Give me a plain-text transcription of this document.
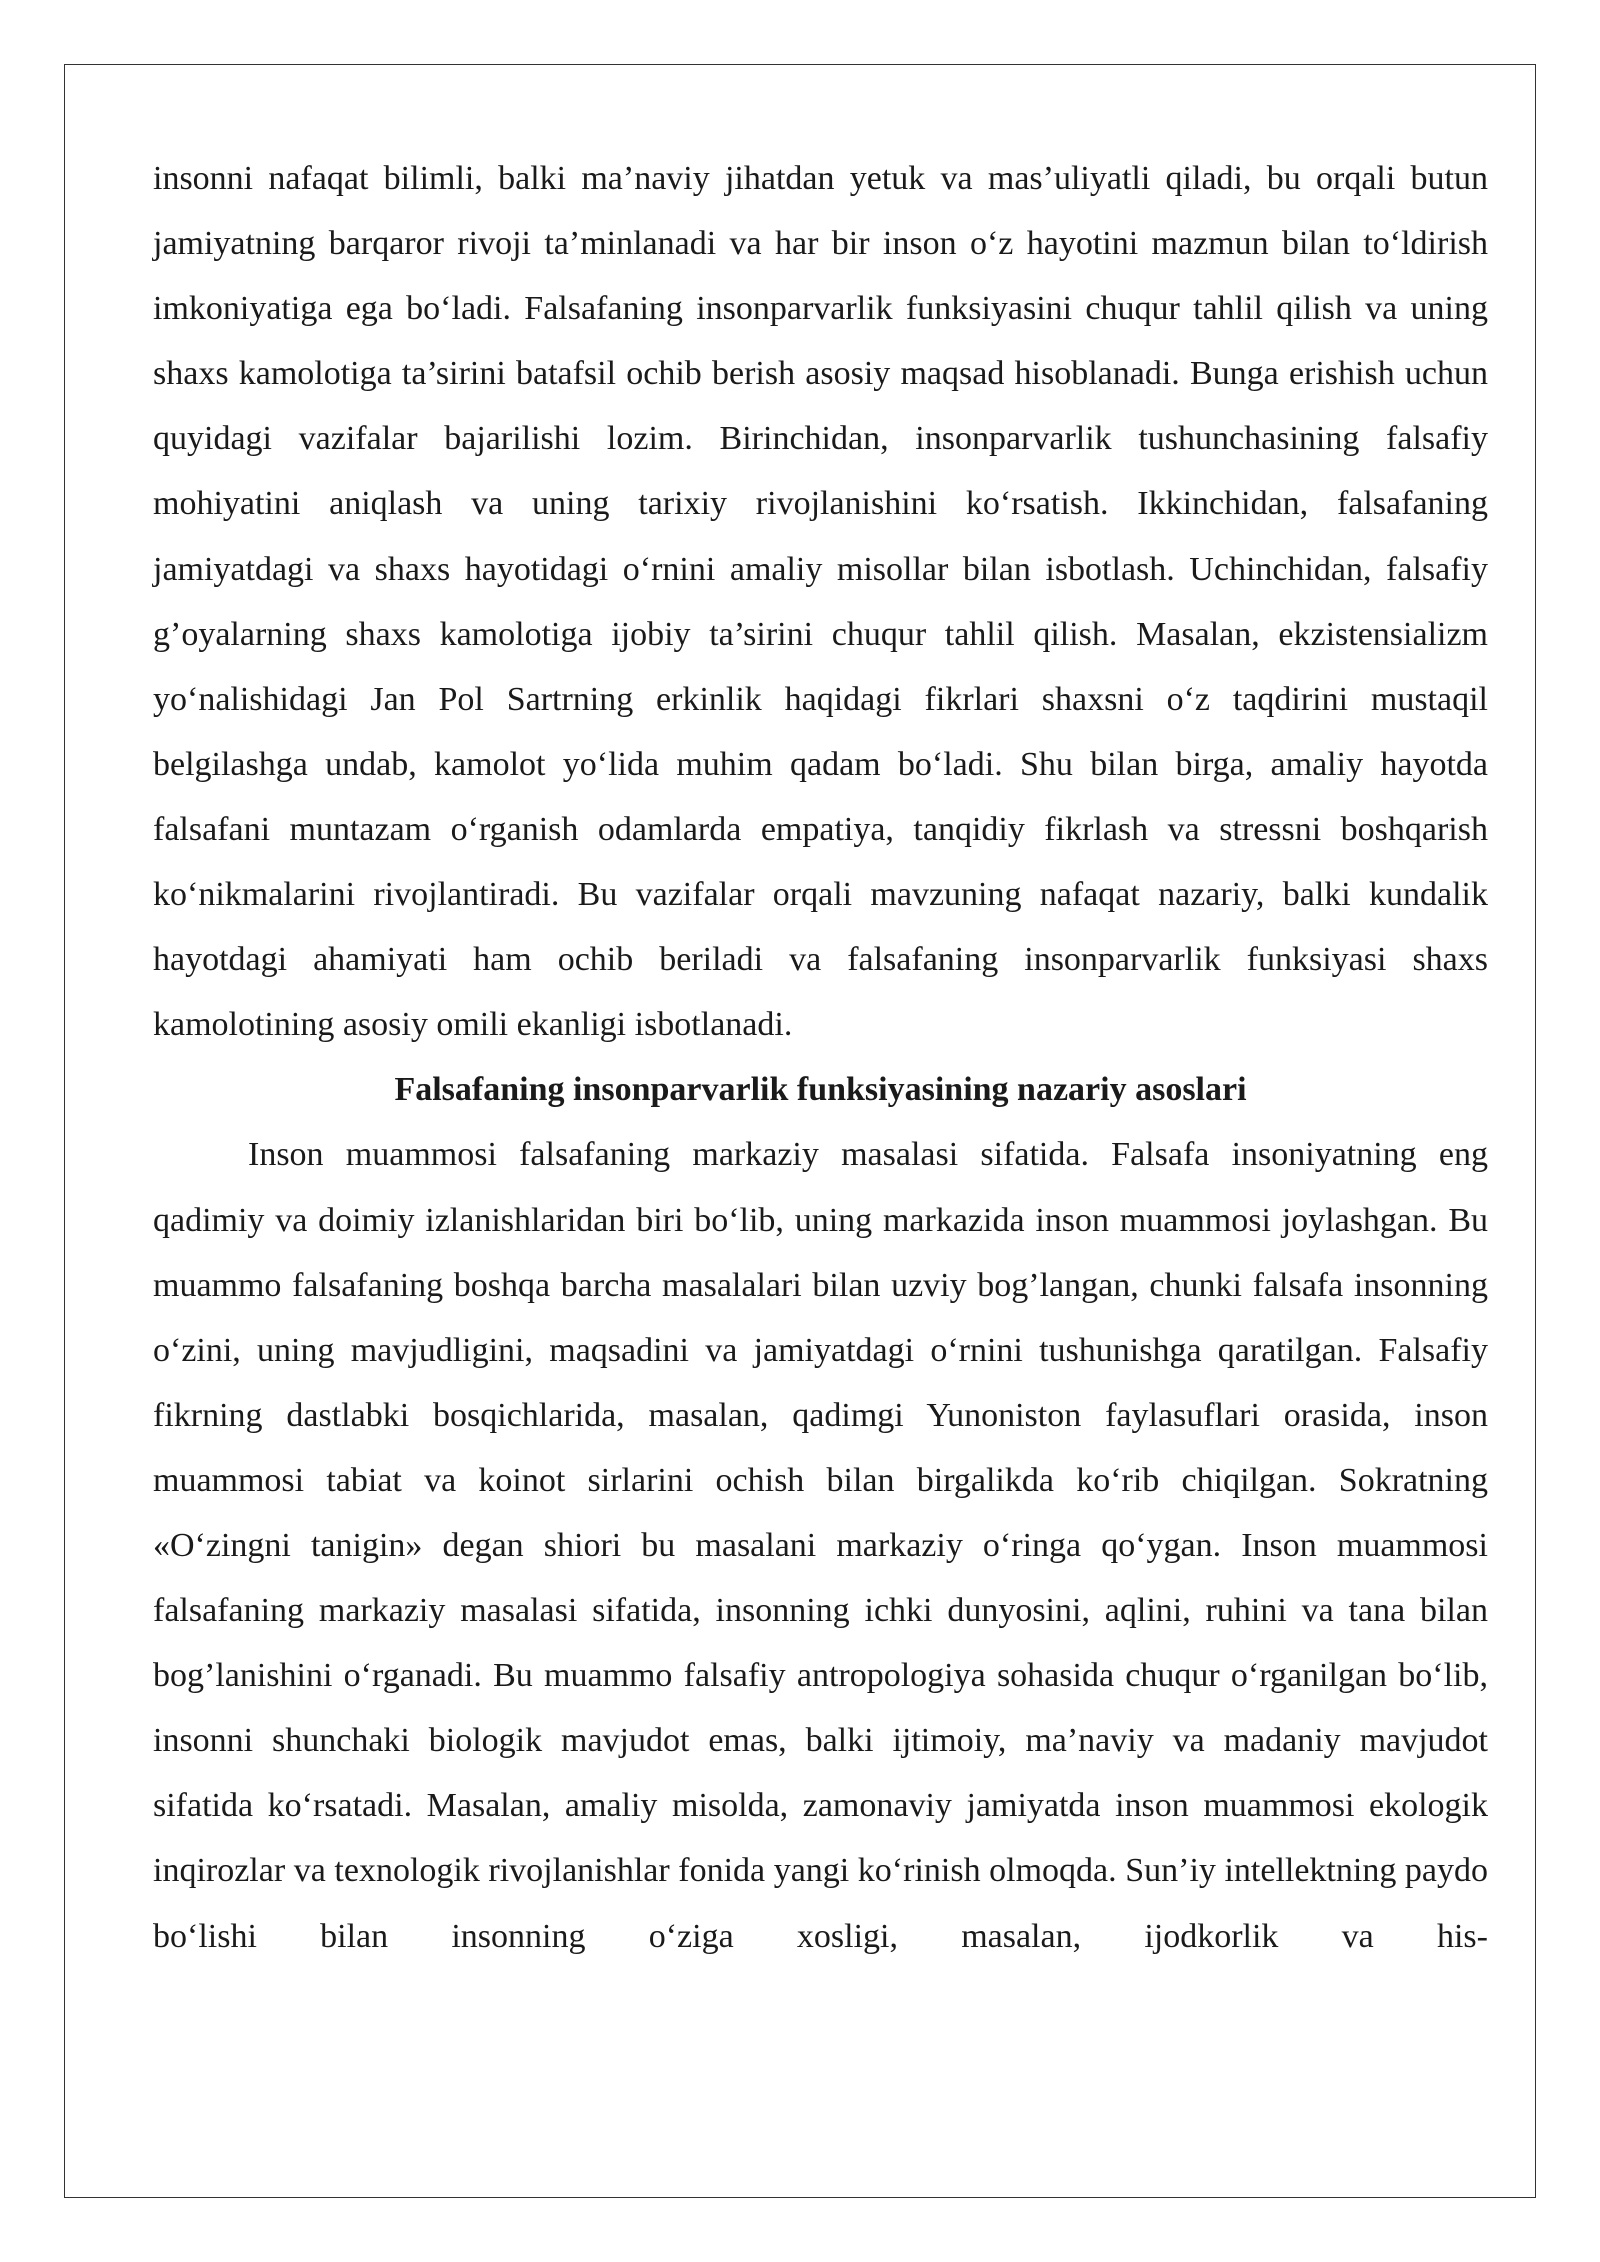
insonni nafaqat bilimli, balki ma’naviy jihatdan yetuk va mas’uliyatli qiladi, bu orqali butun jamiyatning barqaror rivoji ta’minlanadi va har bir inson o‘z hayotini mazmun bilan to‘ldirish imkoniyatiga ega bo‘ladi. Falsafaning insonparvarlik funksiyasini chuqur tahlil qilish va uning shaxs kamolotiga ta’sirini batafsil ochib berish asosiy maqsad hisoblanadi. Bunga erishish uchun quyidagi vazifalar bajarilishi lozim. Birinchidan, insonparvarlik tushunchasining falsafiy mohiyatini aniqlash va uning tarixiy rivojlanishini ko‘rsatish. Ikkinchidan, falsafaning jamiyatdagi va shaxs hayotidagi o‘rnini amaliy misollar bilan isbotlash. Uchinchidan, falsafiy g’oyalarning shaxs kamolotiga ijobiy ta’sirini chuqur tahlil qilish. Masalan, ekzistensializm yo‘nalishidagi Jan Pol Sartrning erkinlik haqidagi fikrlari shaxsni o‘z taqdirini mustaqil belgilashga undab, kamolot yo‘lida muhim qadam bo‘ladi. Shu bilan birga, amaliy hayotda falsafani muntazam o‘rganish odamlarda empatiya, tanqidiy fikrlash va stressni boshqarish ko‘nikmalarini rivojlantiradi. Bu vazifalar orqali mavzuning nafaqat nazariy, balki kundalik hayotdagi ahamiyati ham ochib beriladi va falsafaning insonparvarlik funksiyasi shaxs kamolotining asosiy omili ekanligi isbotlanadi.

Falsafaning insonparvarlik funksiyasining nazariy asoslari

Inson muammosi falsafaning markaziy masalasi sifatida. Falsafa insoniyatning eng qadimiy va doimiy izlanishlaridan biri bo‘lib, uning markazida inson muammosi joylashgan. Bu muammo falsafaning boshqa barcha masalalari bilan uzviy bog’langan, chunki falsafa insonning o‘zini, uning mavjudligini, maqsadini va jamiyatdagi o‘rnini tushunishga qaratilgan. Falsafiy fikrning dastlabki bosqichlarida, masalan, qadimgi Yunoniston faylasuflari orasida, inson muammosi tabiat va koinot sirlarini ochish bilan birgalikda ko‘rib chiqilgan. Sokratning «O‘zingni tanigin» degan shiori bu masalani markaziy o‘ringa qo‘ygan. Inson muammosi falsafaning markaziy masalasi sifatida, insonning ichki dunyosini, aqlini, ruhini va tana bilan bog’lanishini o‘rganadi. Bu muammo falsafiy antropologiya sohasida chuqur o‘rganilgan bo‘lib, insonni shunchaki biologik mavjudot emas, balki ijtimoiy, ma’naviy va madaniy mavjudot sifatida ko‘rsatadi. Masalan, amaliy misolda, zamonaviy jamiyatda inson muammosi ekologik inqirozlar va texnologik rivojlanishlar fonida yangi ko‘rinish olmoqda. Sun’iy intellektning paydo bo‘lishi bilan insonning o‘ziga xosligi, masalan, ijodkorlik va his-
